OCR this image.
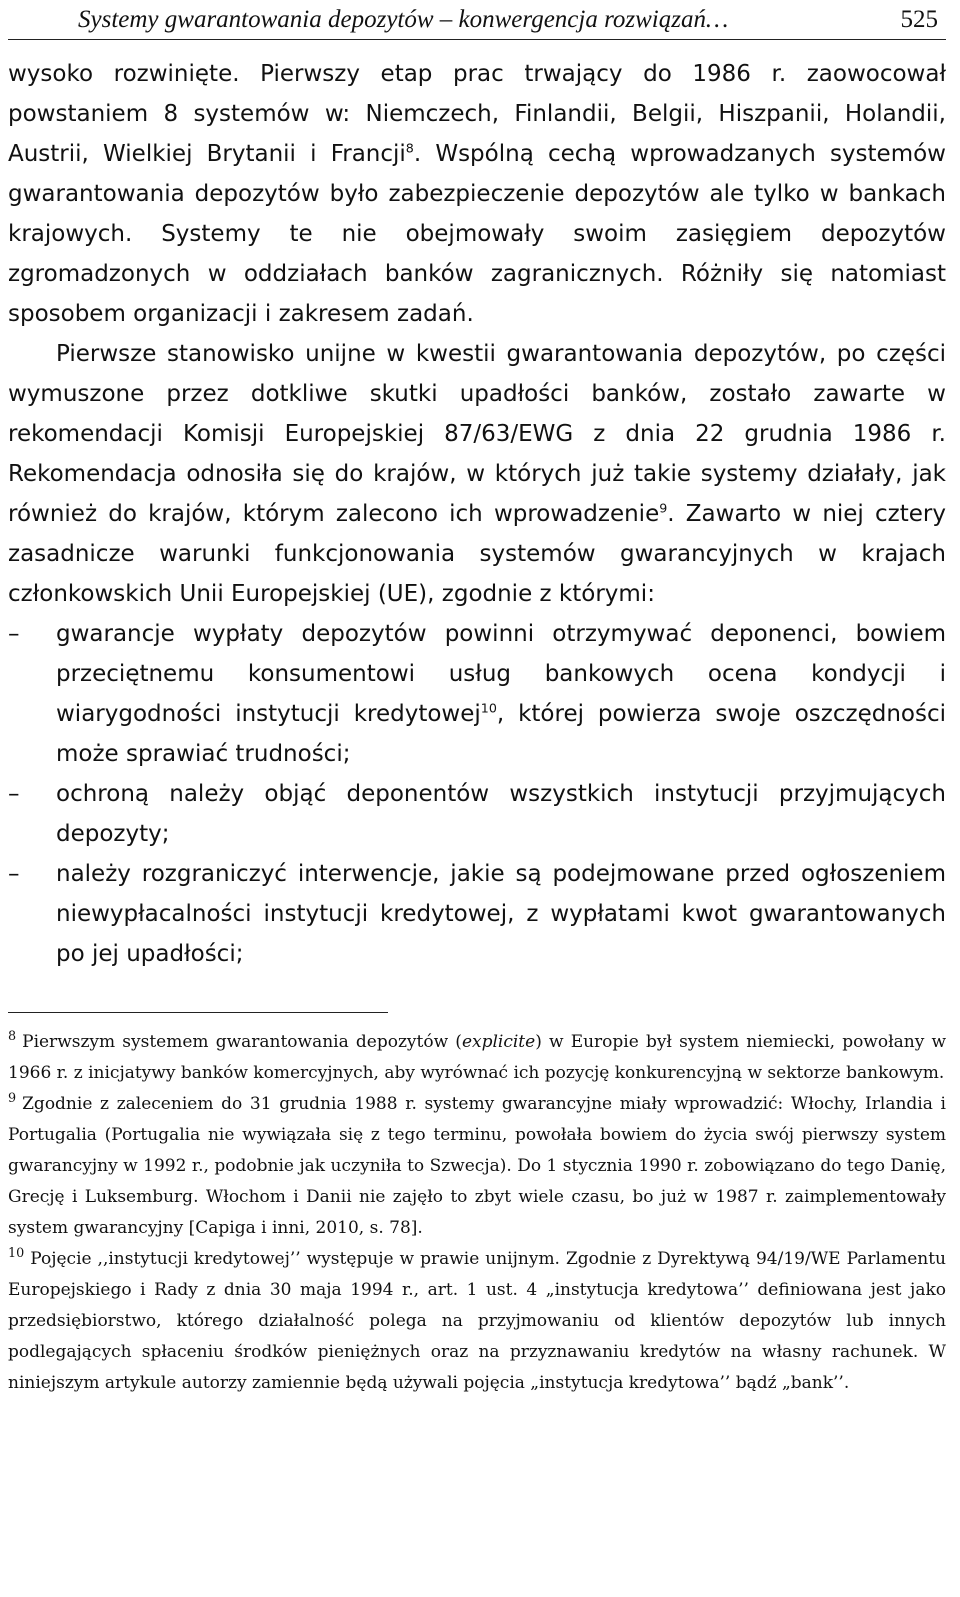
Systemy gwarantowania depozytów – konwergencja rozwiązań…	525

wysoko rozwinięte. Pierwszy etap prac trwający do 1986 r. zaowocował powstaniem 8 systemów w: Niemczech, Finlandii, Belgii, Hiszpanii, Holandii, Austrii, Wielkiej Brytanii i Francji$^8$. Wspólną cechą wprowadzanych systemów gwarantowania depozytów było zabezpieczenie depozytów ale tylko w bankach krajowych. Systemy te nie obejmowały swoim zasięgiem depozytów zgromadzonych w oddziałach banków zagranicznych. Różniły się natomiast sposobem organizacji i zakresem zadań.

Pierwsze stanowisko unijne w kwestii gwarantowania depozytów, po części wymuszone przez dotkliwe skutki upadłości banków, zostało zawarte w rekomendacji Komisji Europejskiej 87/63/EWG z dnia 22 grudnia 1986 r. Rekomendacja odnosiła się do krajów, w których już takie systemy działały, jak również do krajów, którym zalecono ich wprowadzenie$^9$. Zawarto w niej cztery zasadnicze warunki funkcjonowania systemów gwarancyjnych w krajach członkowskich Unii Europejskiej (UE), zgodnie z którymi:

– gwarancje wypłaty depozytów powinni otrzymywać deponenci, bowiem przeciętnemu konsumentowi usług bankowych ocena kondycji i wiarygodności instytucji kredytowej$^{10}$, której powierza swoje oszczędności może sprawiać trudności;
– ochroną należy objąć deponentów wszystkich instytucji przyjmujących depozyty;
– należy rozgraniczyć interwencje, jakie są podejmowane przed ogłoszeniem niewypłacalności instytucji kredytowej, z wypłatami kwot gwarantowanych po jej upadłości;

$^8$ Pierwszym systemem gwarantowania depozytów (explicite) w Europie był system niemiecki, powołany w 1966 r. z inicjatywy banków komercyjnych, aby wyrównać ich pozycję konkurencyjną w sektorze bankowym.

$^9$ Zgodnie z zaleceniem do 31 grudnia 1988 r. systemy gwarancyjne miały wprowadzić: Włochy, Irlandia i Portugalia (Portugalia nie wywiązała się z tego terminu, powołała bowiem do życia swój pierwszy system gwarancyjny w 1992 r., podobnie jak uczyniła to Szwecja). Do 1 stycznia 1990 r. zobowiązano do tego Danię, Grecję i Luksemburg. Włochom i Danii nie zajęło to zbyt wiele czasu, bo już w 1987 r. zaimplementowały system gwarancyjny [Capiga i inni, 2010, s. 78].

$^{10}$ Pojęcie ,,instytucji kredytowej’’ występuje w prawie unijnym. Zgodnie z Dyrektywą 94/19/WE Parlamentu Europejskiego i Rady z dnia 30 maja 1994 r., art. 1 ust. 4 „instytucja kredytowa’’ definiowana jest jako przedsiębiorstwo, którego działalność polega na przyjmowaniu od klientów depozytów lub innych podlegających spłaceniu środków pieniężnych oraz na przyznawaniu kredytów na własny rachunek. W niniejszym artykule autorzy zamiennie będą używali pojęcia „instytucja kredytowa’’ bądź „bank’’.
